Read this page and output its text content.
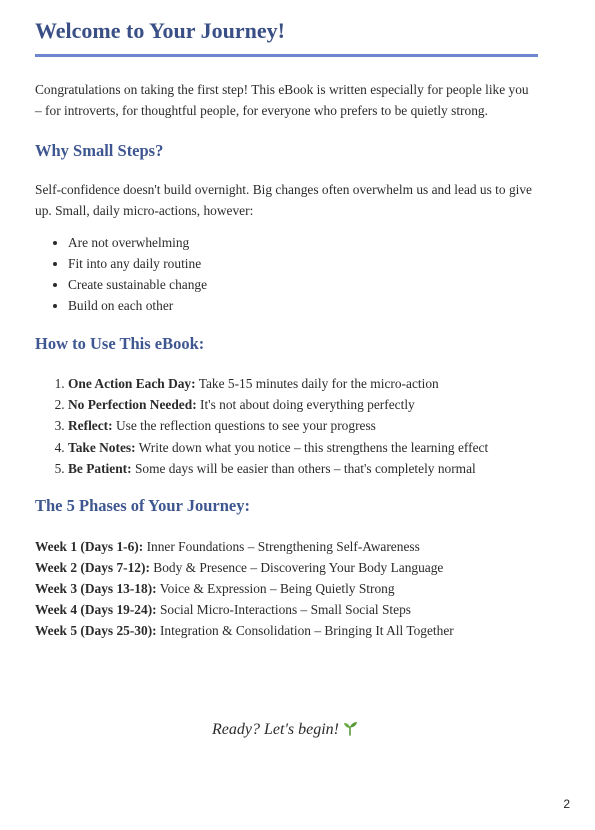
Welcome to Your Journey!

Congratulations on taking the first step! This eBook is written especially for people like you – for introverts, for thoughtful people, for everyone who prefers to be quietly strong.

Why Small Steps?

Self-confidence doesn't build overnight. Big changes often overwhelm us and lead us to give up. Small, daily micro-actions, however:

• Are not overwhelming
• Fit into any daily routine
• Create sustainable change
• Build on each other
How to Use This eBook:
1. One Action Each Day: Take 5-15 minutes daily for the micro-action
2. No Perfection Needed: It's not about doing everything perfectly
3. Reflect: Use the reflection questions to see your progress
4. Take Notes: Write down what you notice – this strengthens the learning effect
5. Be Patient: Some days will be easier than others – that's completely normal
The 5 Phases of Your Journey:
Week 1 (Days 1-6): Inner Foundations – Strengthening Self-Awareness
Week 2 (Days 7-12): Body & Presence – Discovering Your Body Language
Week 3 (Days 13-18): Voice & Expression – Being Quietly Strong
Week 4 (Days 19-24): Social Micro-Interactions – Small Social Steps
Week 5 (Days 25-30): Integration & Consolidation – Bringing It All Together
Ready? Let's begin!
2
